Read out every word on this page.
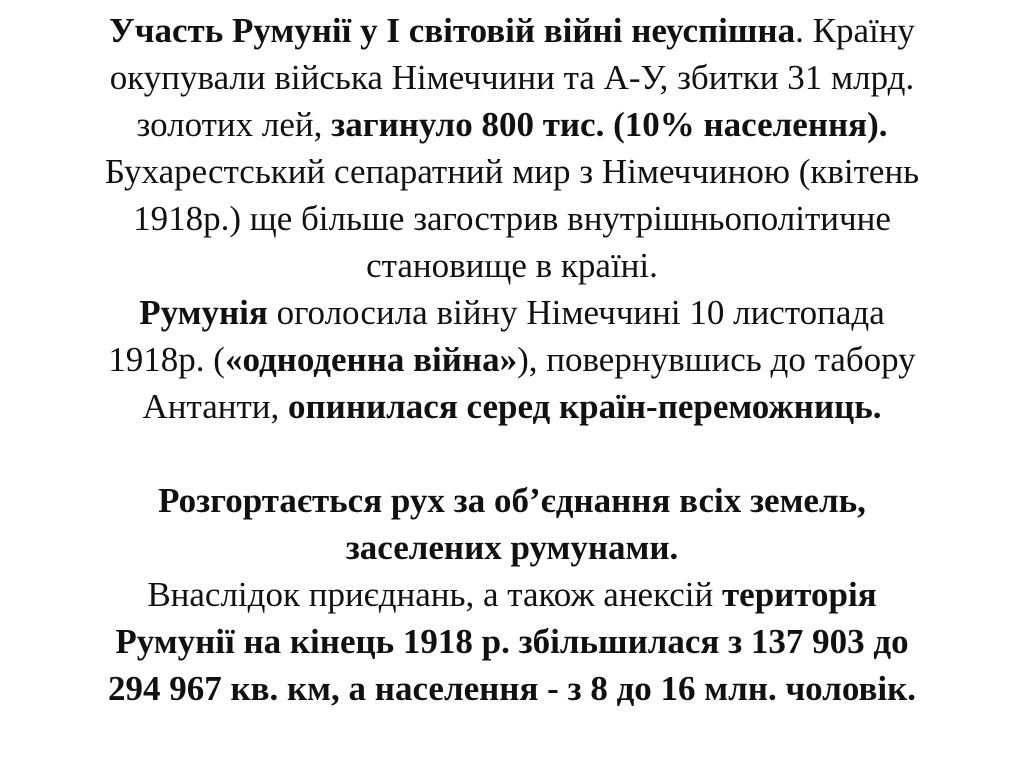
Участь Румунії у І світовій війні неуспішна. Країну
окупували війська Німеччини та А-У, збитки 31 млрд.
золотих лей, загинуло 800 тис. (10% населення).
Бухарестський сепаратний мир з Німеччиною (квітень
1918р.) ще більше загострив внутрішньополітичне
становище в країні.
Румунія оголосила війну Німеччині 10 листопада
1918р. («одноденна війна»), повернувшись до табору
Антанти, опинилася серед країн-переможниць.
Розгортається рух за об’єднання всіх земель,
заселених румунами.
Внаслідок приєднань, а також анексій територія
Румунії на кінець 1918 р. збільшилася з 137 903 до
294 967 кв. км, а населення - з 8 до 16 млн. чоловік.
